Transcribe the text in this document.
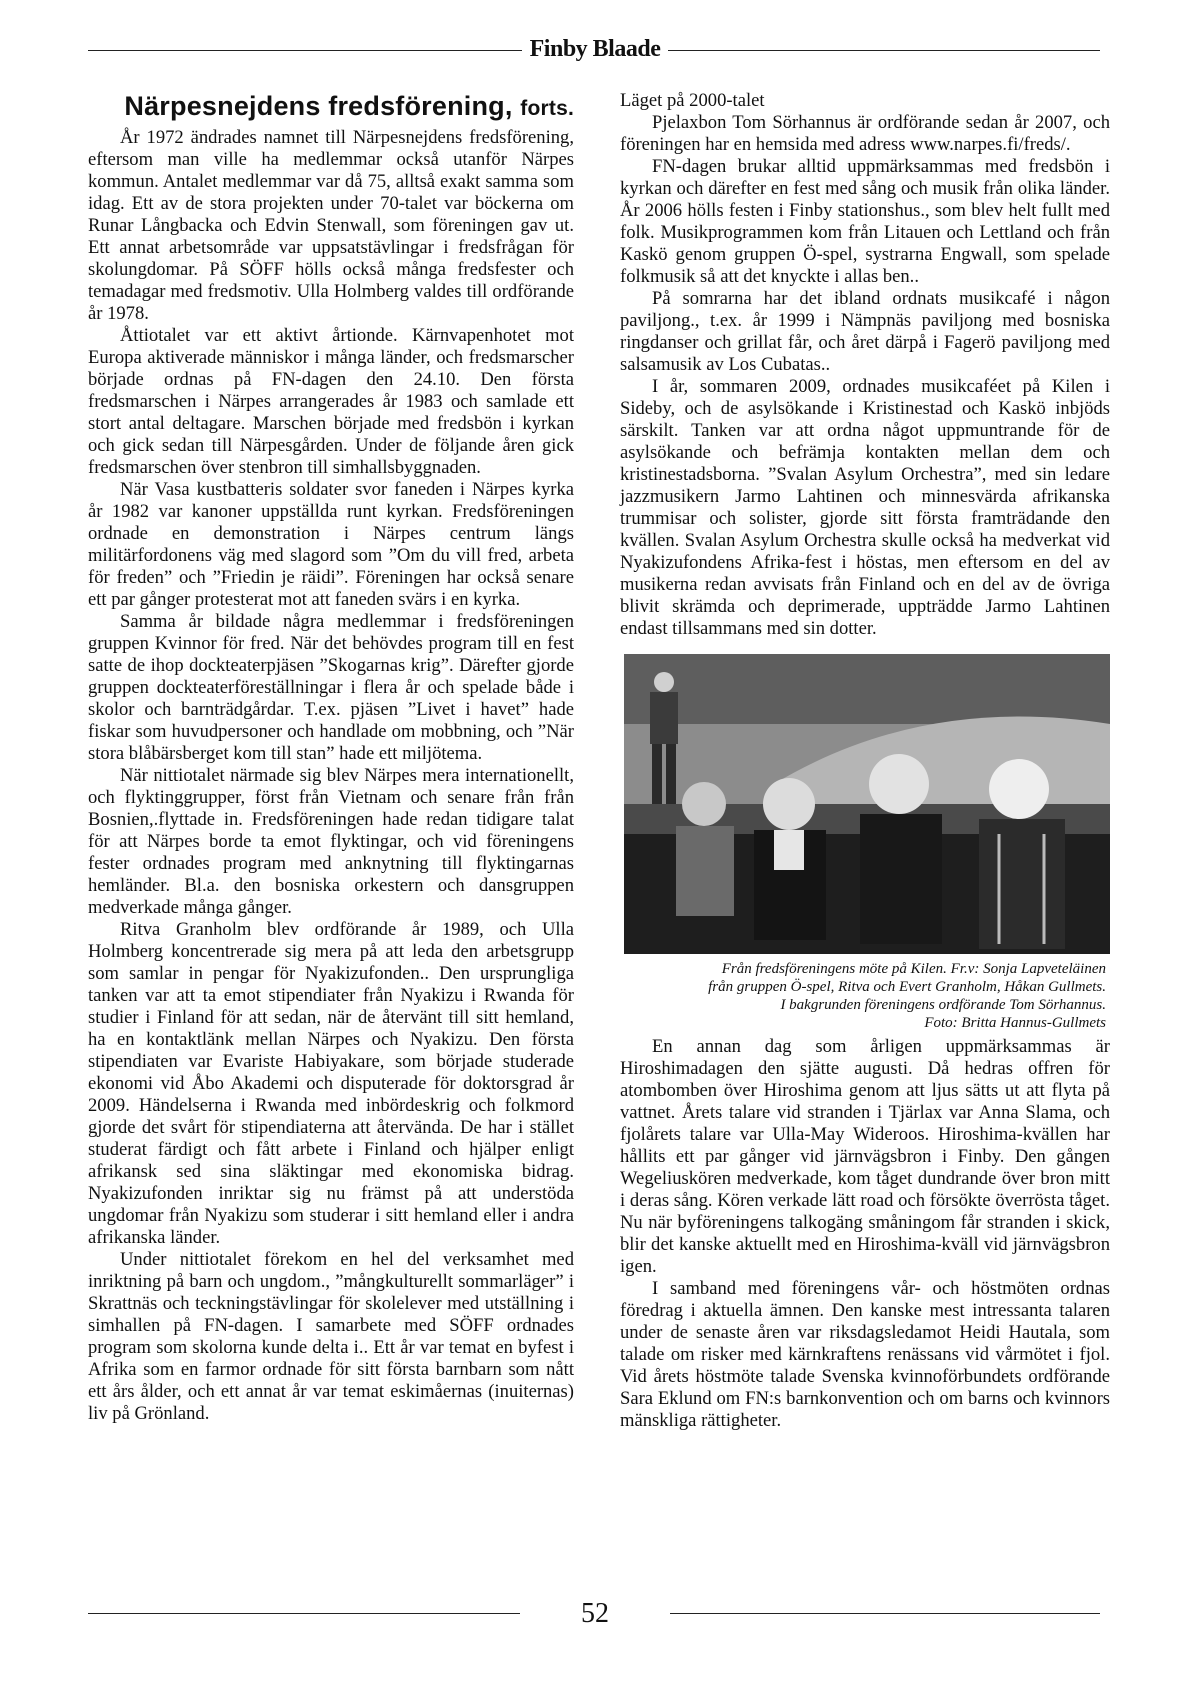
Finby Blaade
Närpesnejdens fredsförening, forts.

År 1972 ändrades namnet till Närpesnejdens fredsförening, eftersom man ville ha medlemmar också utanför Närpes kommun. Antalet medlemmar var då 75, alltså exakt samma som idag. Ett av de stora projekten under 70-talet var böckerna om Runar Långbacka och Edvin Stenwall, som föreningen gav ut. Ett annat arbetsområde var uppsatstävlingar i fredsfrågan för skolungdomar. På SÖFF hölls också många fredsfester och temadagar med fredsmotiv. Ulla Holmberg valdes till ordförande år 1978.

Åttiotalet var ett aktivt årtionde. Kärnvapenhotet mot Europa aktiverade människor i många länder, och fredsmarscher började ordnas på FN-dagen den 24.10. Den första fredsmarschen i Närpes arrangerades år 1983 och samlade ett stort antal deltagare. Marschen började med fredsbön i kyrkan och gick sedan till Närpesgården. Under de följande åren gick fredsmarschen över stenbron till simhallsbyggnaden.

När Vasa kustbatteris soldater svor faneden i Närpes kyrka år 1982 var kanoner uppställda runt kyrkan. Fredsföreningen ordnade en demonstration i Närpes centrum längs militärfordonens väg med slagord som ”Om du vill fred, arbeta för freden” och ”Friedin je räidi”. Föreningen har också senare ett par gånger protesterat mot att faneden svärs i en kyrka.

Samma år bildade några medlemmar i fredsföreningen gruppen Kvinnor för fred. När det behövdes program till en fest satte de ihop dockteaterpjäsen ”Skogarnas krig”. Därefter gjorde gruppen dockteaterföreställningar i flera år och spelade både i skolor och barnträdgårdar. T.ex. pjäsen ”Livet i havet” hade fiskar som huvudpersoner och handlade om mobbning, och ”När stora blåbärsberget kom till stan” hade ett miljötema.

När nittiotalet närmade sig blev Närpes mera internationellt, och flyktinggrupper, först från Vietnam och senare från från Bosnien,.flyttade in. Fredsföreningen hade redan tidigare talat för att Närpes borde ta emot flyktingar, och vid föreningens fester ordnades program med anknytning till flyktingarnas hemländer. Bl.a. den bosniska orkestern och dansgruppen medverkade många gånger.

Ritva Granholm blev ordförande år 1989, och Ulla Holmberg koncentrerade sig mera på att leda den arbetsgrupp som samlar in pengar för Nyakizufonden.. Den ursprungliga tanken var att ta emot stipendiater från Nyakizu i Rwanda för studier i Finland för att sedan, när de återvänt till sitt hemland, ha en kontaktlänk mellan Närpes och Nyakizu. Den första stipendiaten var Evariste Habiyakare, som började studerade ekonomi vid Åbo Akademi och disputerade för doktorsgrad år 2009. Händelserna i Rwanda med inbördeskrig och folkmord gjorde det svårt för stipendiaterna att återvända. De har i stället studerat färdigt och fått arbete i Finland och hjälper enligt afrikansk sed sina släktingar med ekonomiska bidrag. Nyakizufonden inriktar sig nu främst på att understöda ungdomar från Nyakizu som studerar i sitt hemland eller i andra afrikanska länder.

Under nittiotalet förekom en hel del verksamhet med inriktning på barn och ungdom., ”mångkulturellt sommarläger” i Skrattnäs och teckningstävlingar för skolelever med utställning i simhallen på FN-dagen. I samarbete med SÖFF ordnades program som skolorna kunde delta i.. Ett år var temat en byfest i Afrika som en farmor ordnade för sitt första barnbarn som nått ett års ålder, och ett annat år var temat eskimåernas (inuiternas) liv på Grönland.

Läget på 2000-talet

Pjelaxbon Tom Sörhannus är ordförande sedan år 2007, och föreningen har en hemsida med adress www.narpes.fi/freds/.

FN-dagen brukar alltid uppmärksammas med fredsbön i kyrkan och därefter en fest med sång och musik från olika länder. År 2006 hölls festen i Finby stationshus., som blev helt fullt med folk. Musikprogrammen kom från Litauen och Lettland och från Kaskö genom gruppen Ö-spel, systrarna Engwall, som spelade folkmusik så att det knyckte i allas ben..

På somrarna har det ibland ordnats musikcafé i någon paviljong., t.ex. år 1999 i Nämpnäs paviljong med bosniska ringdanser och grillat får, och året därpå i Fagerö paviljong med salsamusik av Los Cubatas..

I år, sommaren 2009, ordnades musikcaféet på Kilen i Sideby, och de asylsökande i Kristinestad och Kaskö inbjöds särskilt. Tanken var att ordna något uppmuntrande för de asylsökande och befrämja kontakten mellan dem och kristinestadsborna. ”Svalan Asylum Orchestra”, med sin ledare jazzmusikern Jarmo Lahtinen och minnesvärda afrikanska trummisar och solister, gjorde sitt första framträdande den kvällen. Svalan Asylum Orchestra skulle också ha medverkat vid Nyakizufondens Afrika-fest i höstas, men eftersom en del av musikerna redan avvisats från Finland och en del av de övriga blivit skrämda och deprimerade, uppträdde Jarmo Lahtinen endast tillsammans med sin dotter.

Från fredsföreningens möte på Kilen. Fr.v: Sonja Lapveteläinen
från gruppen Ö-spel, Ritva och Evert Granholm, Håkan Gullmets.
I bakgrunden föreningens ordförande Tom Sörhannus.
Foto: Britta Hannus-Gullmets

En annan dag som årligen uppmärksammas är Hiroshimadagen den sjätte augusti. Då hedras offren för atombomben över Hiroshima genom att ljus sätts ut att flyta på vattnet. Årets talare vid stranden i Tjärlax var Anna Slama, och fjolårets talare var Ulla-May Wideroos. Hiroshima-kvällen har hållits ett par gånger vid järnvägsbron i Finby. Den gången Wegeliuskören medverkade, kom tåget dundrande över bron mitt i deras sång. Kören verkade lätt road och försökte överrösta tåget. Nu när byföreningens talkogäng småningom får stranden i skick, blir det kanske aktuellt med en Hiroshima-kväll vid järnvägsbron igen.

I samband med föreningens vår- och höstmöten ordnas föredrag i aktuella ämnen. Den kanske mest intressanta talaren under de senaste åren var riksdagsledamot Heidi Hautala, som talade om risker med kärnkraftens renässans vid vårmötet i fjol. Vid årets höstmöte talade Svenska kvinnoförbundets ordförande Sara Eklund om FN:s barnkonvention och om barns och kvinnors mänskliga rättigheter.

52
